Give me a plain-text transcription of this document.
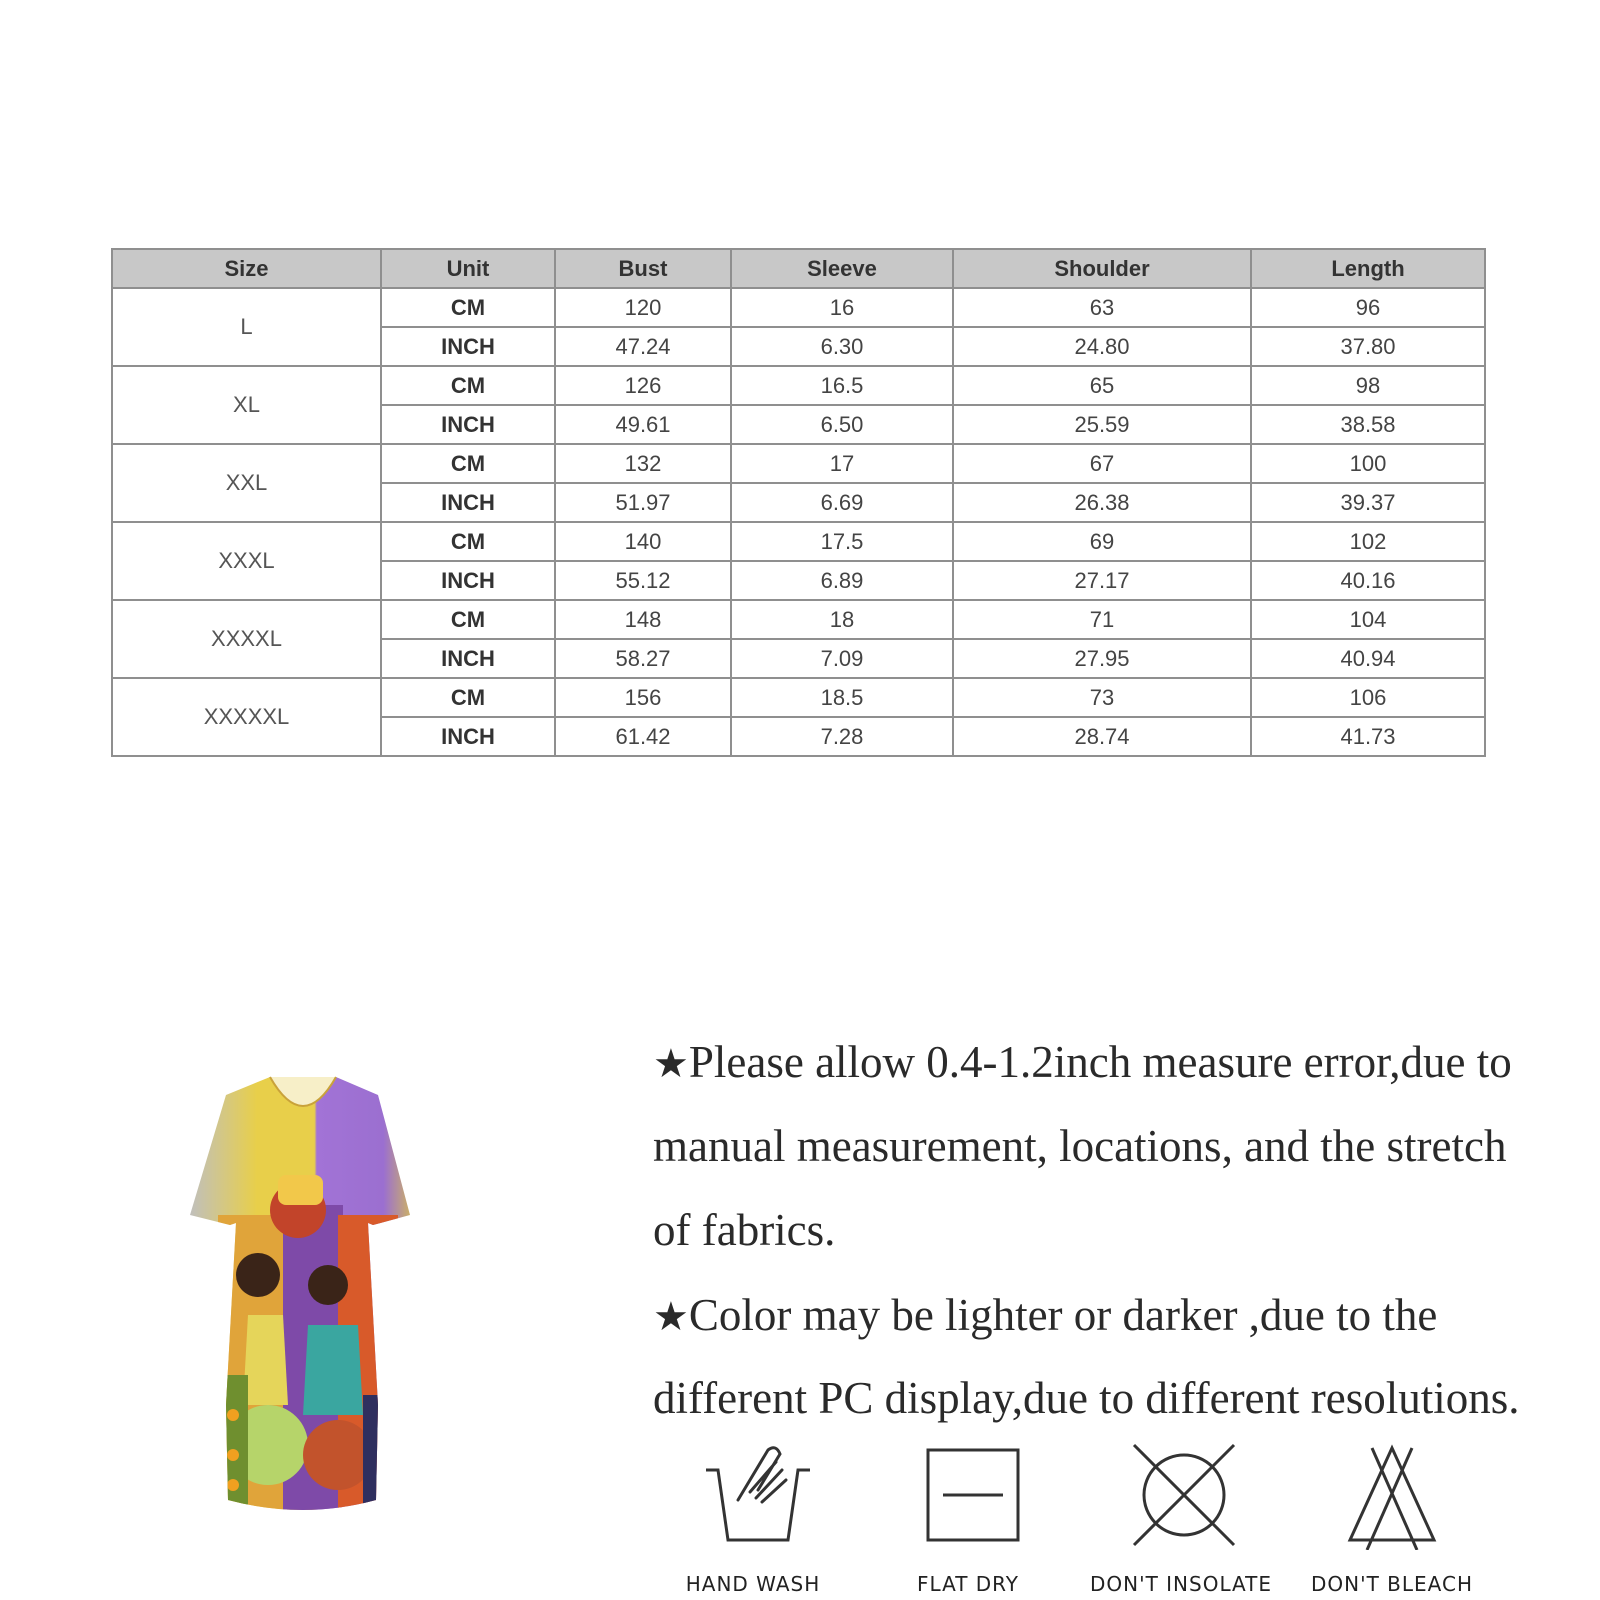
Size	Unit	Bust	Sleeve	Shoulder	Length
L	CM	120	16	63	96
	INCH	47.24	6.30	24.80	37.80
XL	CM	126	16.5	65	98
	INCH	49.61	6.50	25.59	38.58
XXL	CM	132	17	67	100
	INCH	51.97	6.69	26.38	39.37
XXXL	CM	140	17.5	69	102
	INCH	55.12	6.89	27.17	40.16
XXXXL	CM	148	18	71	104
	INCH	58.27	7.09	27.95	40.94
XXXXXL	CM	156	18.5	73	106
	INCH	61.42	7.28	28.74	41.73
★Please allow 0.4-1.2inch measure error,due to
manual measurement, locations, and the stretch
of fabrics.
★Color may be lighter or darker ,due to the
different PC display,due to different resolutions.
HAND WASH	FLAT DRY	DON'T INSOLATE	DON'T BLEACH
